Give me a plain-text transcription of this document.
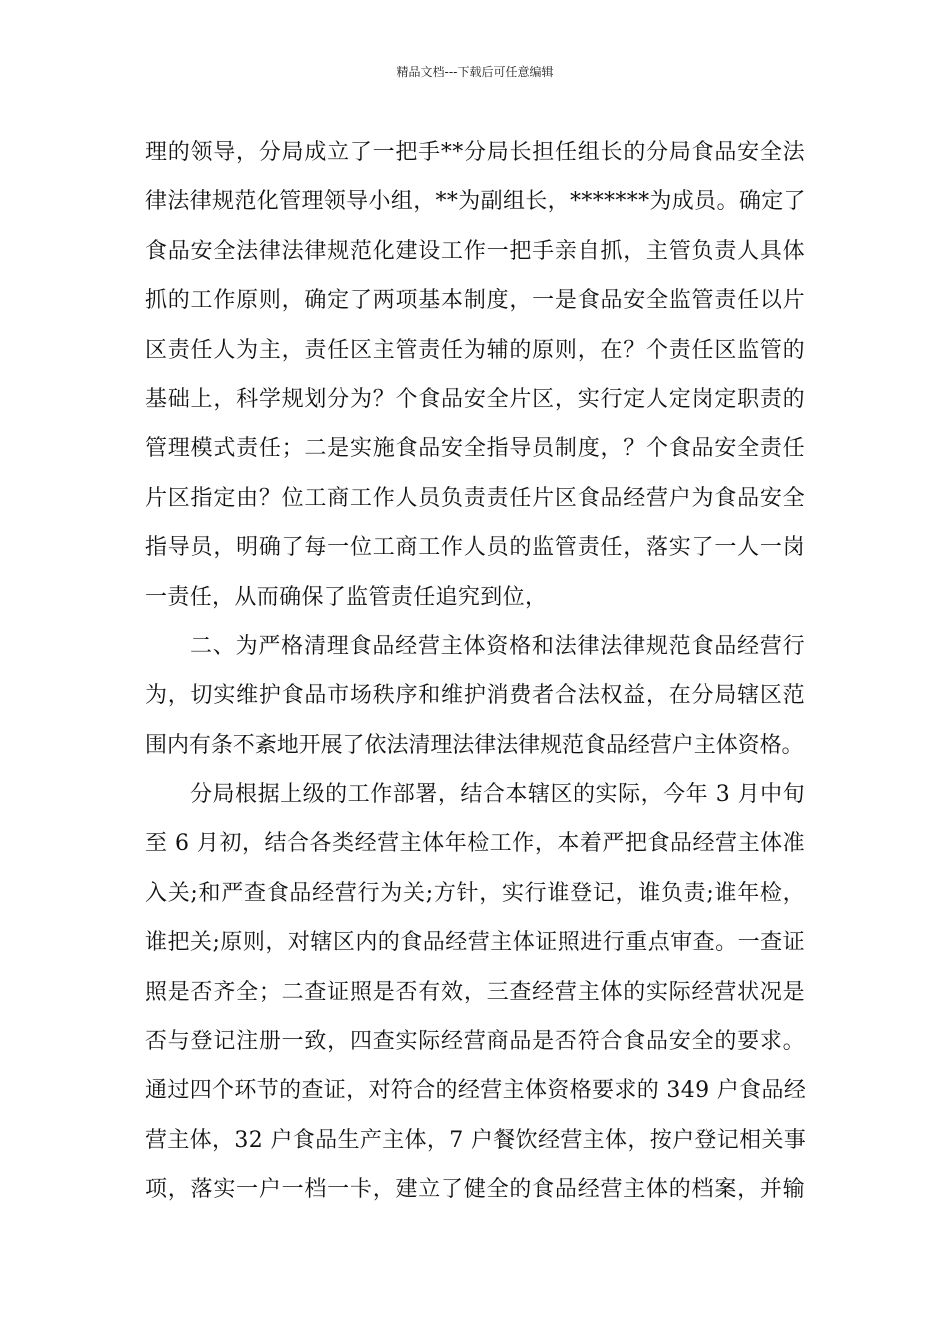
精品文档---下载后可任意编辑
理的领导，分局成立了一把手**分局长担任组长的分局食品安全法
律法律规范化管理领导小组，**为副组长，*******为成员。确定了
食品安全法律法律规范化建设工作一把手亲自抓，主管负责人具体
抓的工作原则，确定了两项基本制度，一是食品安全监管责任以片
区责任人为主，责任区主管责任为辅的原则，在？个责任区监管的
基础上，科学规划分为？个食品安全片区，实行定人定岗定职责的
管理模式责任；二是实施食品安全指导员制度，？个食品安全责任
片区指定由？位工商工作人员负责责任片区食品经营户为食品安全
指导员，明确了每一位工商工作人员的监管责任，落实了一人一岗
一责任，从而确保了监管责任追究到位，
二、为严格清理食品经营主体资格和法律法律规范食品经营行
为，切实维护食品市场秩序和维护消费者合法权益，在分局辖区范
围内有条不紊地开展了依法清理法律法律规范食品经营户主体资格。
分局根据上级的工作部署，结合本辖区的实际，今年 3 月中旬
至 6 月初，结合各类经营主体年检工作，本着严把食品经营主体准
入关;和严查食品经营行为关;方针，实行谁登记，谁负责;谁年检，
谁把关;原则，对辖区内的食品经营主体证照进行重点审查。一查证
照是否齐全；二查证照是否有效，三查经营主体的实际经营状况是
否与登记注册一致，四查实际经营商品是否符合食品安全的要求。
通过四个环节的查证，对符合的经营主体资格要求的 349 户食品经
营主体，32 户食品生产主体，7 户餐饮经营主体，按户登记相关事
项，落实一户一档一卡，建立了健全的食品经营主体的档案，并输
